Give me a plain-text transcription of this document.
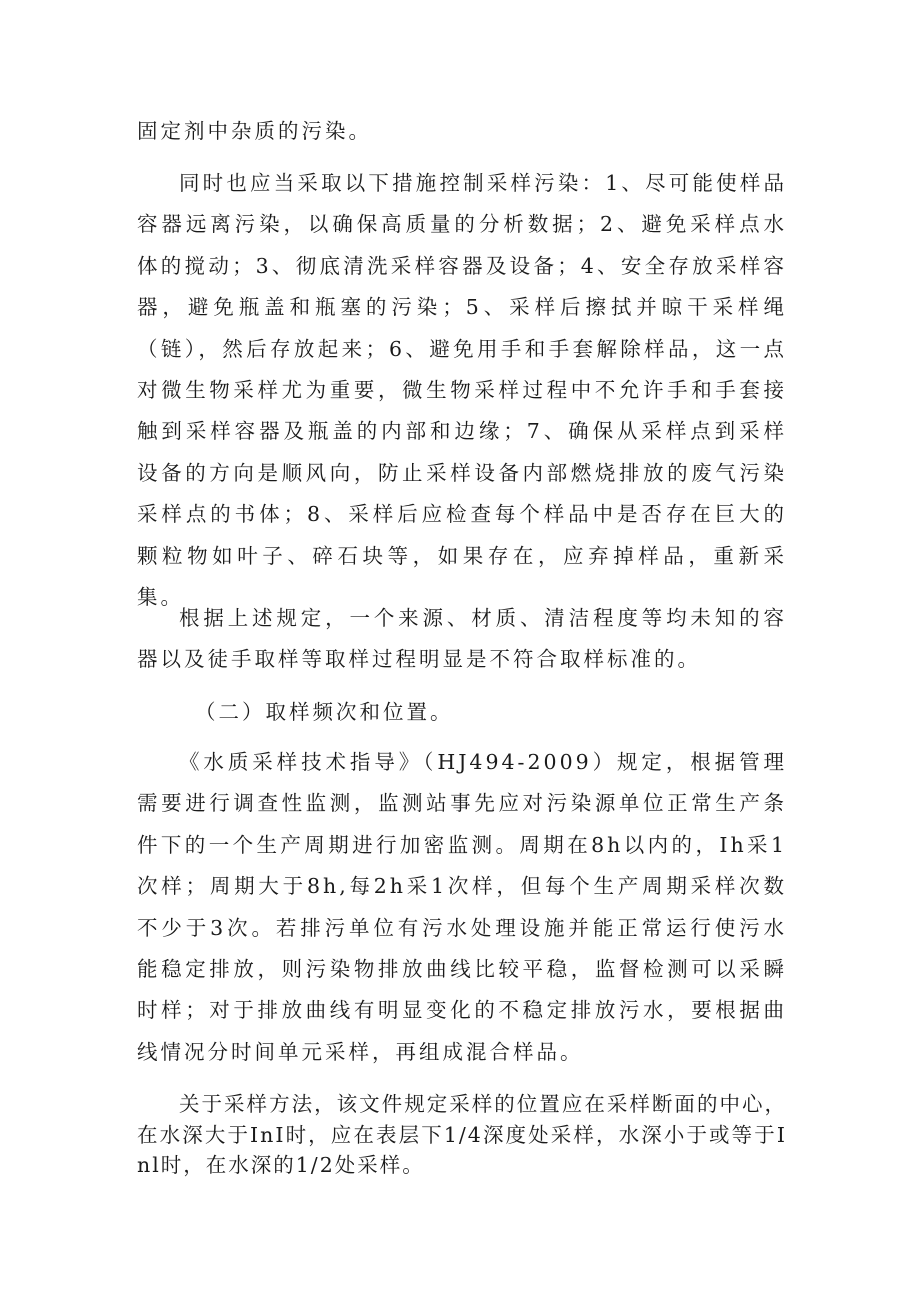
固定剂中杂质的污染。

同时也应当采取以下措施控制采样污染：1、尽可能使样品容器远离污染，以确保高质量的分析数据；2、避免采样点水体的搅动；3、彻底清洗采样容器及设备；4、安全存放采样容器，避免瓶盖和瓶塞的污染；5、采样后擦拭并晾干采样绳（链），然后存放起来；6、避免用手和手套解除样品，这一点对微生物采样尤为重要，微生物采样过程中不允许手和手套接触到采样容器及瓶盖的内部和边缘；7、确保从采样点到采样设备的方向是顺风向，防止采样设备内部燃烧排放的废气污染采样点的书体；8、采样后应检查每个样品中是否存在巨大的颗粒物如叶子、碎石块等，如果存在，应弃掉样品，重新采集。

根据上述规定，一个来源、材质、清洁程度等均未知的容器以及徒手取样等取样过程明显是不符合取样标准的。

（二）取样频次和位置。

《水质采样技术指导》（HJ494-2009）规定，根据管理需要进行调查性监测，监测站事先应对污染源单位正常生产条件下的一个生产周期进行加密监测。周期在8h以内的，Ih采1次样；周期大于8h,每2h采1次样，但每个生产周期采样次数不少于3次。若排污单位有污水处理设施并能正常运行使污水能稳定排放，则污染物排放曲线比较平稳，监督检测可以采瞬时样；对于排放曲线有明显变化的不稳定排放污水，要根据曲线情况分时间单元采样，再组成混合样品。

关于采样方法，该文件规定采样的位置应在采样断面的中心，在水深大于InI时，应在表层下1/4深度处采样，水深小于或等于Inl时，在水深的1/2处采样。
